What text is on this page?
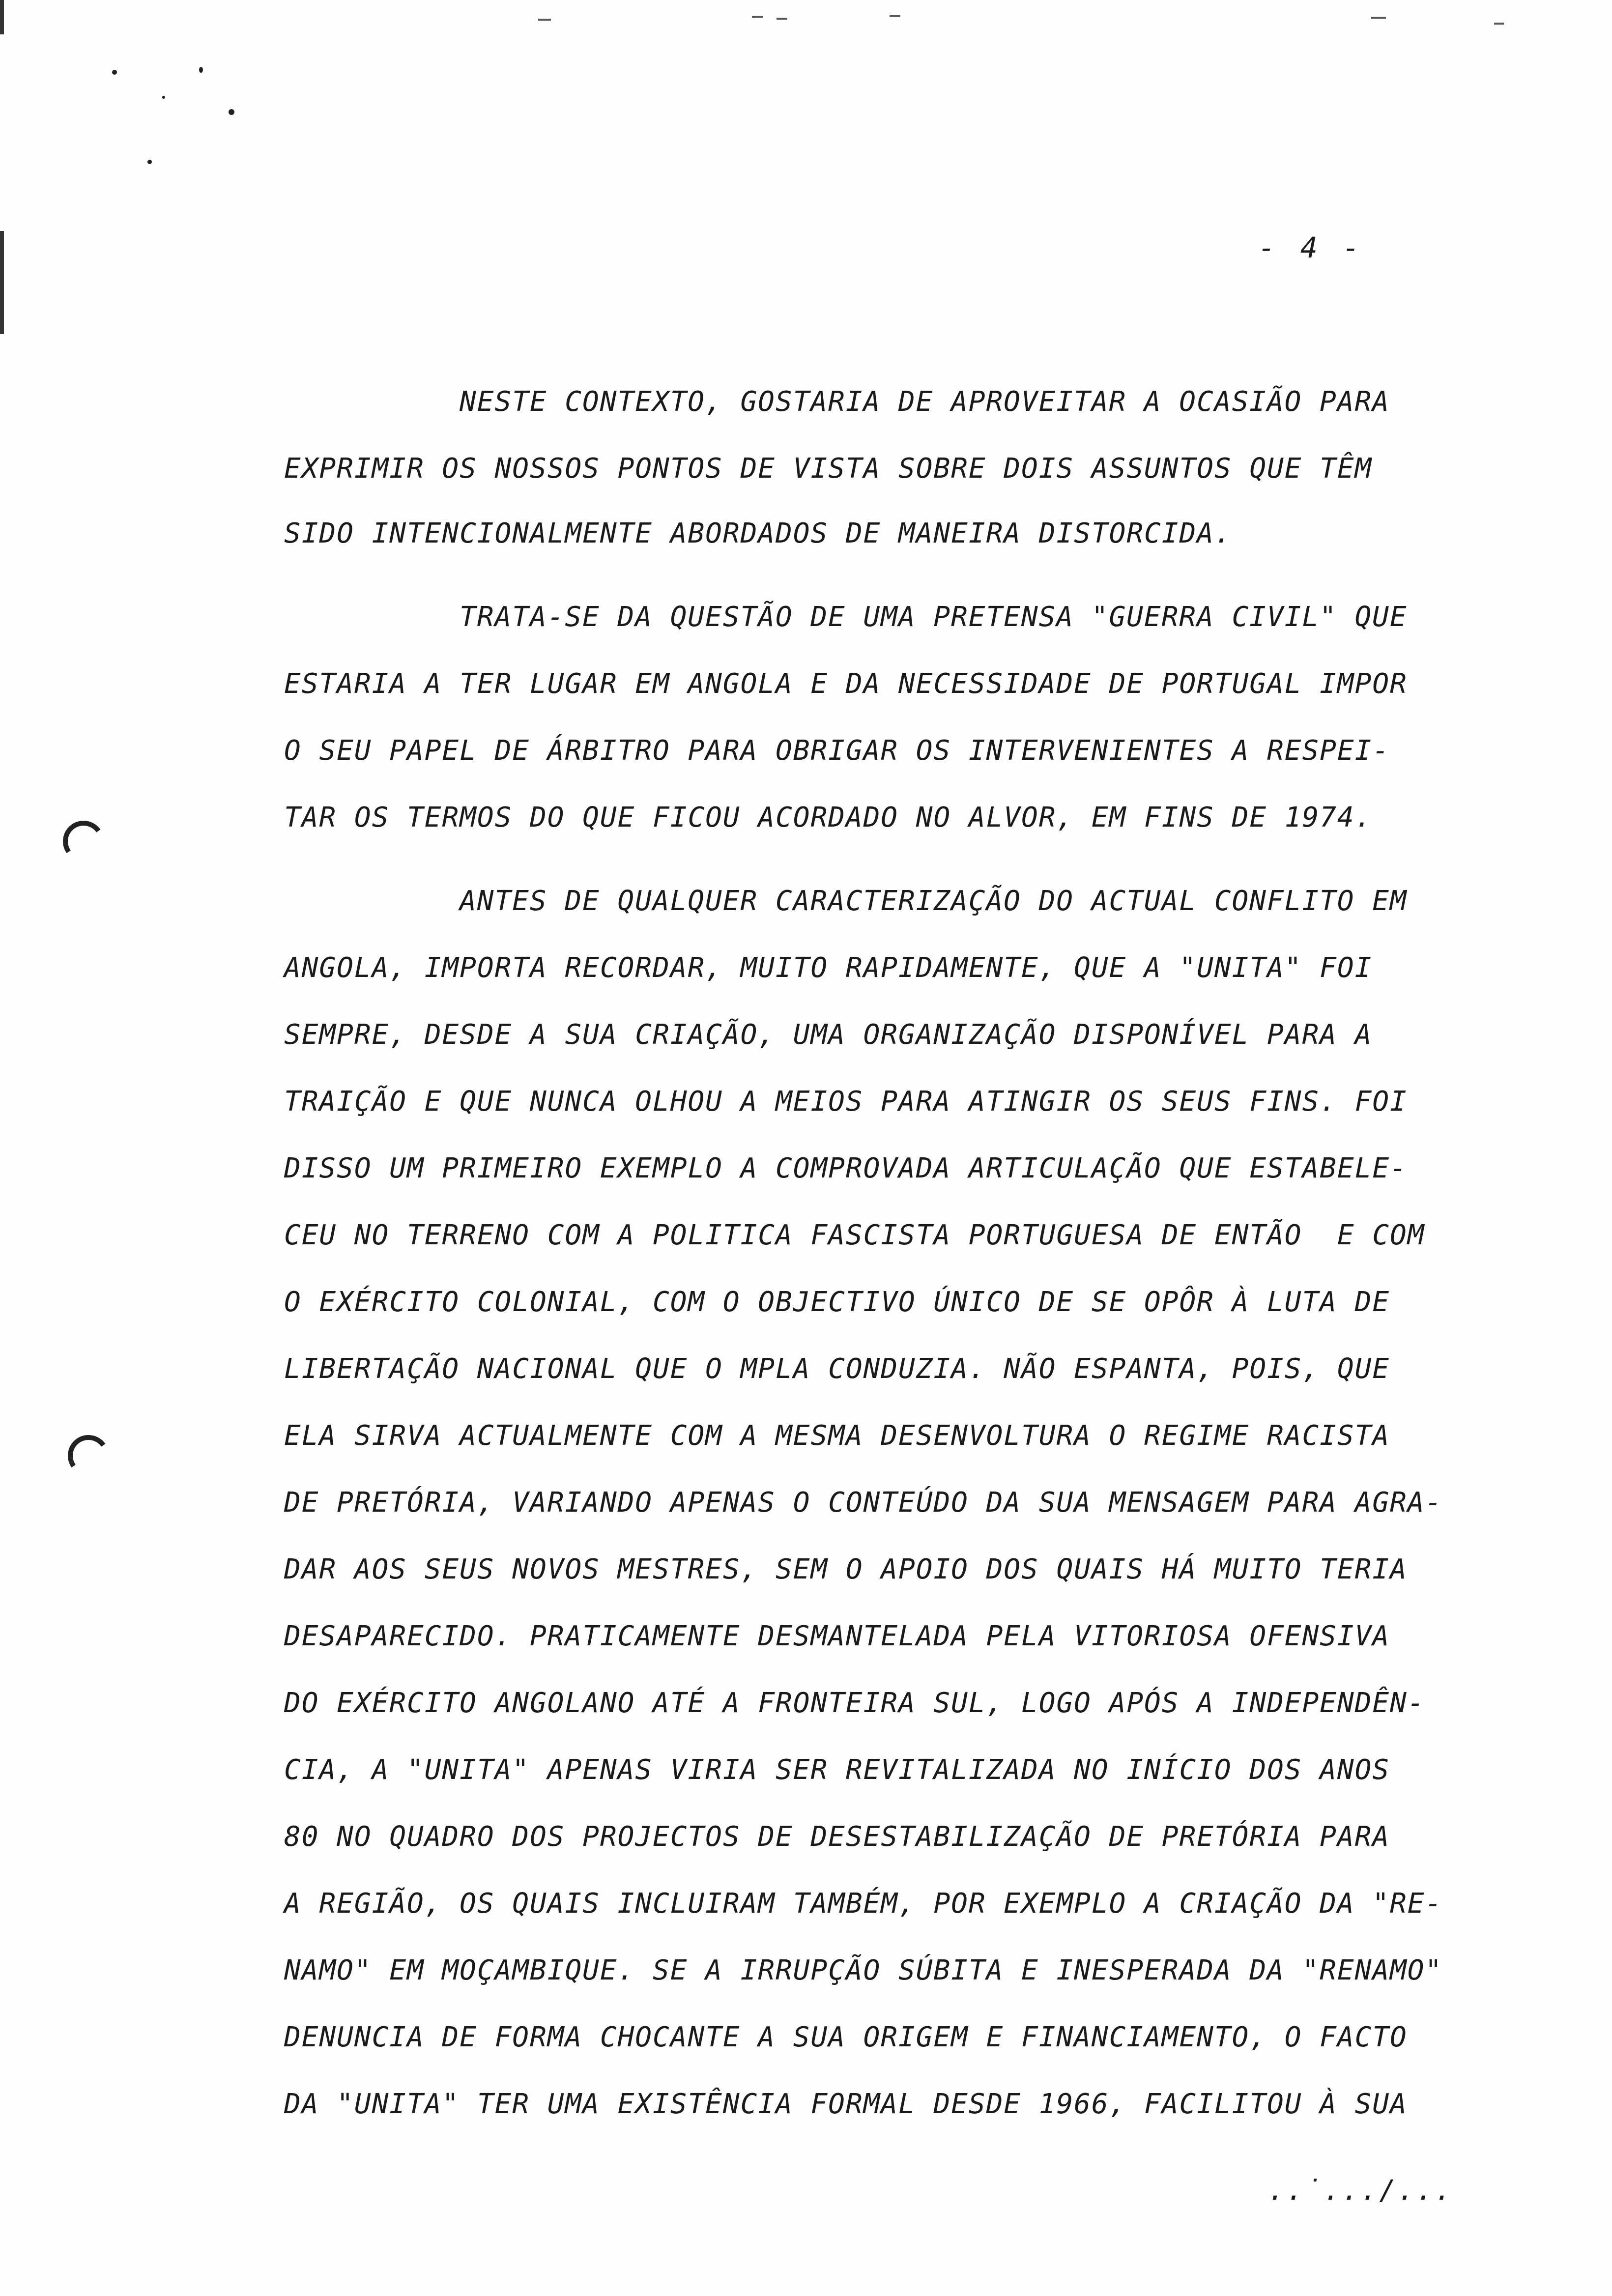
- 4 -
NESTE CONTEXTO, GOSTARIA DE APROVEITAR A OCASIÃO PARA
EXPRIMIR OS NOSSOS PONTOS DE VISTA SOBRE DOIS ASSUNTOS QUE TÊM
SIDO INTENCIONALMENTE ABORDADOS DE MANEIRA DISTORCIDA.
TRATA-SE DA QUESTÃO DE UMA PRETENSA "GUERRA CIVIL" QUE
ESTARIA A TER LUGAR EM ANGOLA E DA NECESSIDADE DE PORTUGAL IMPOR
O SEU PAPEL DE ÁRBITRO PARA OBRIGAR OS INTERVENIENTES A RESPEI-
TAR OS TERMOS DO QUE FICOU ACORDADO NO ALVOR, EM FINS DE 1974.
ANTES DE QUALQUER CARACTERIZAÇÃO DO ACTUAL CONFLITO EM
ANGOLA, IMPORTA RECORDAR, MUITO RAPIDAMENTE, QUE A "UNITA" FOI
SEMPRE, DESDE A SUA CRIAÇÃO, UMA ORGANIZAÇÃO DISPONÍVEL PARA A
TRAIÇÃO E QUE NUNCA OLHOU A MEIOS PARA ATINGIR OS SEUS FINS. FOI
DISSO UM PRIMEIRO EXEMPLO A COMPROVADA ARTICULAÇÃO QUE ESTABELE-
CEU NO TERRENO COM A POLITICA FASCISTA PORTUGUESA DE ENTÃO  E COM
O EXÉRCITO COLONIAL, COM O OBJECTIVO ÚNICO DE SE OPÔR À LUTA DE
LIBERTAÇÃO NACIONAL QUE O MPLA CONDUZIA. NÃO ESPANTA, POIS, QUE
ELA SIRVA ACTUALMENTE COM A MESMA DESENVOLTURA O REGIME RACISTA
DE PRETÓRIA, VARIANDO APENAS O CONTEÚDO DA SUA MENSAGEM PARA AGRA-
DAR AOS SEUS NOVOS MESTRES, SEM O APOIO DOS QUAIS HÁ MUITO TERIA
DESAPARECIDO. PRATICAMENTE DESMANTELADA PELA VITORIOSA OFENSIVA
DO EXÉRCITO ANGOLANO ATÉ A FRONTEIRA SUL, LOGO APÓS A INDEPENDÊN-
CIA, A "UNITA" APENAS VIRIA SER REVITALIZADA NO INÍCIO DOS ANOS
80 NO QUADRO DOS PROJECTOS DE DESESTABILIZAÇÃO DE PRETÓRIA PARA
A REGIÃO, OS QUAIS INCLUIRAM TAMBÉM, POR EXEMPLO A CRIAÇÃO DA "RE-
NAMO" EM MOÇAMBIQUE. SE A IRRUPÇÃO SÚBITA E INESPERADA DA "RENAMO"
DENUNCIA DE FORMA CHOCANTE A SUA ORIGEM E FINANCIAMENTO, O FACTO
DA "UNITA" TER UMA EXISTÊNCIA FORMAL DESDE 1966, FACILITOU À SUA
..˙.../...
